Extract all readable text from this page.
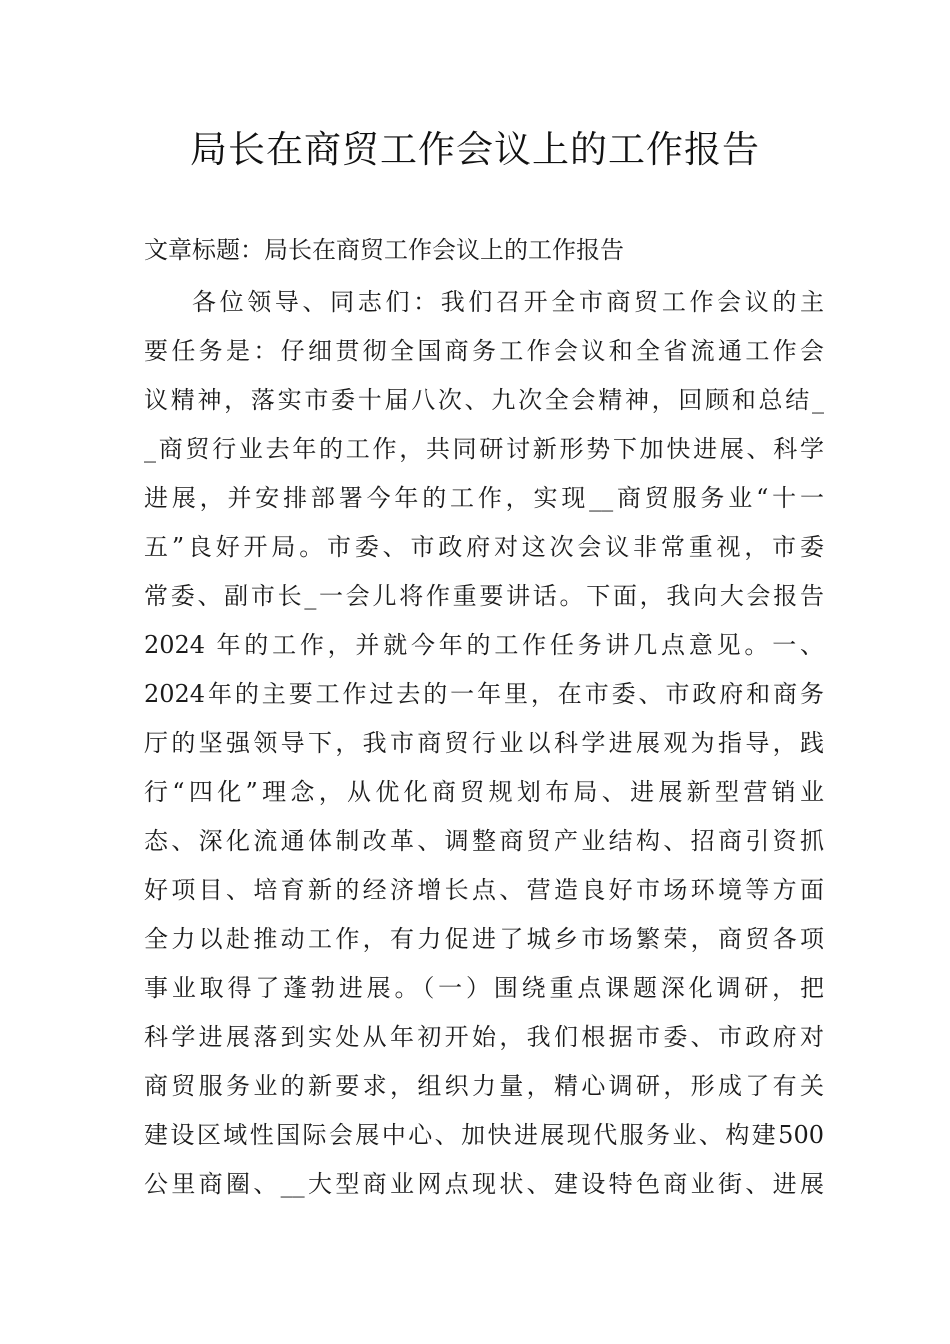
局长在商贸工作会议上的工作报告
文章标题：局长在商贸工作会议上的工作报告
各位领导、同志们：我们召开全市商贸工作会议的主
要任务是：仔细贯彻全国商务工作会议和全省流通工作会
议精神，落实市委十届八次、九次全会精神，回顾和总结_
_商贸行业去年的工作，共同研讨新形势下加快进展、科学
进展，并安排部署今年的工作，实现__商贸服务业“十一
五”良好开局。市委、市政府对这次会议非常重视，市委
常委、副市长_一会儿将作重要讲话。下面，我向大会报告
2024 年的工作，并就今年的工作任务讲几点意见。一、
2024年的主要工作过去的一年里，在市委、市政府和商务
厅的坚强领导下，我市商贸行业以科学进展观为指导，践
行“四化”理念，从优化商贸规划布局、进展新型营销业
态、深化流通体制改革、调整商贸产业结构、招商引资抓
好项目、培育新的经济增长点、营造良好市场环境等方面
全力以赴推动工作，有力促进了城乡市场繁荣，商贸各项
事业取得了蓬勃进展。（一）围绕重点课题深化调研，把
科学进展落到实处从年初开始，我们根据市委、市政府对
商贸服务业的新要求，组织力量，精心调研，形成了有关
建设区域性国际会展中心、加快进展现代服务业、构建500
公里商圈、__大型商业网点现状、建设特色商业街、进展
